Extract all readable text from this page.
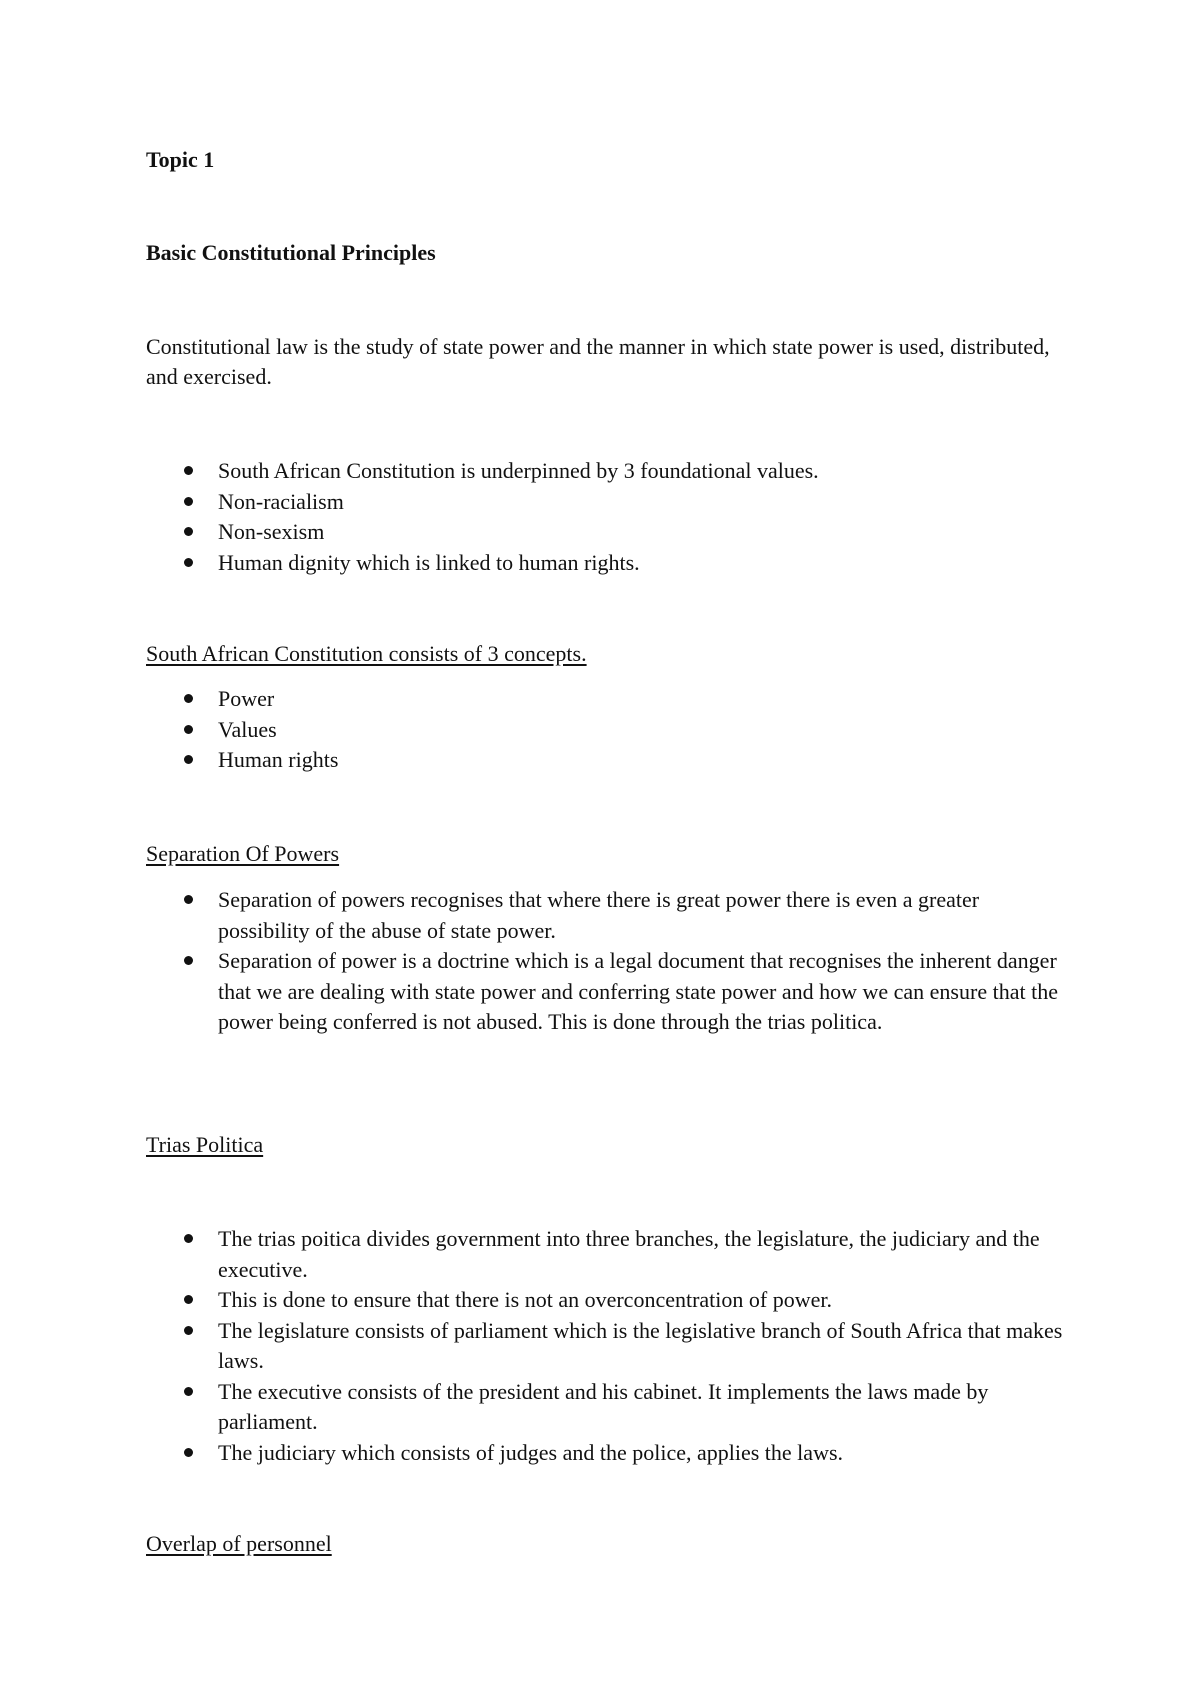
Topic 1

Basic Constitutional Principles

Constitutional law is the study of state power and the manner in which state power is used, distributed, and exercised.

South African Constitution is underpinned by 3 foundational values.
Non-racialism
Non-sexism
Human dignity which is linked to human rights.

South African Constitution consists of 3 concepts.

Power
Values
Human rights

Separation Of Powers

Separation of powers recognises that where there is great power there is even a greater possibility of the abuse of state power.
Separation of power is a doctrine which is a legal document that recognises the inherent danger that we are dealing with state power and conferring state power and how we can ensure that the power being conferred is not abused. This is done through the trias politica.

Trias Politica

The trias poitica divides government into three branches, the legislature, the judiciary and the executive.
This is done to ensure that there is not an overconcentration of power.
The legislature consists of parliament which is the legislative branch of South Africa that makes laws.
The executive consists of the president and his cabinet. It implements the laws made by parliament.
The judiciary which consists of judges and the police, applies the laws.

Overlap of personnel
